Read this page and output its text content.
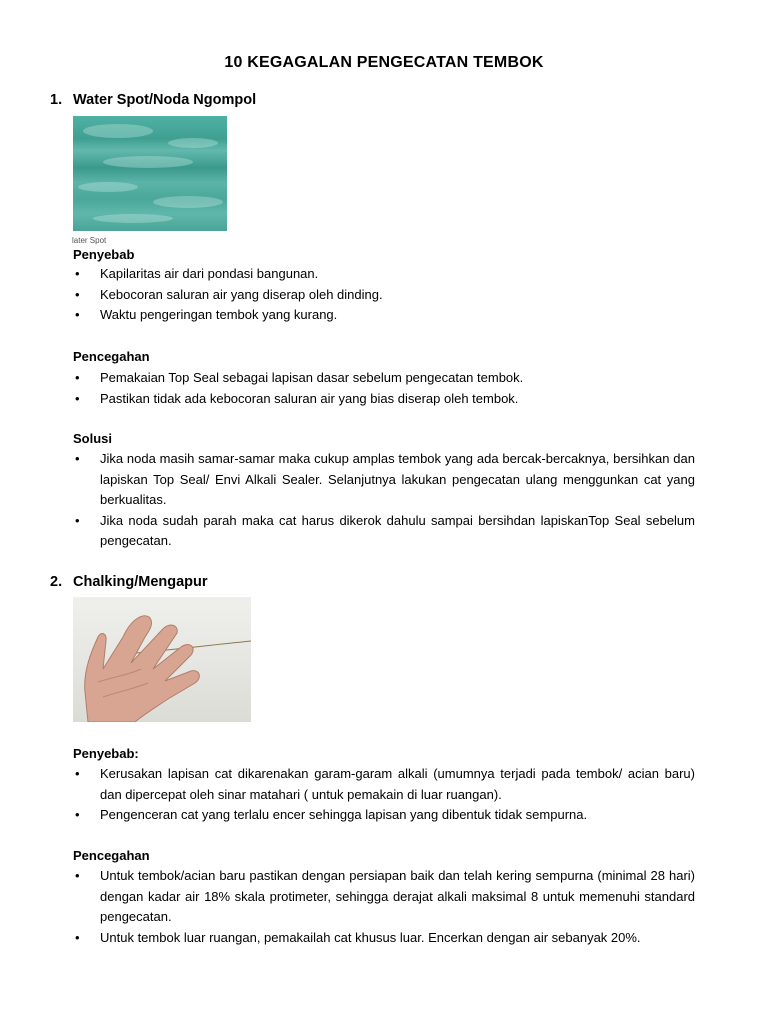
10 KEGAGALAN PENGECATAN TEMBOK
1. Water Spot/Noda Ngompol
later Spot
Penyebab
• Kapilaritas air dari pondasi bangunan.
• Kebocoran saluran air yang diserap oleh dinding.
• Waktu pengeringan tembok yang kurang.
Pencegahan
• Pemakaian Top Seal sebagai lapisan dasar sebelum pengecatan tembok.
• Pastikan tidak ada kebocoran saluran air yang bias diserap oleh tembok.
Solusi
• Jika noda masih samar-samar maka cukup amplas tembok yang ada bercak-bercaknya, bersihkan dan lapiskan Top Seal/ Envi Alkali Sealer. Selanjutnya lakukan pengecatan ulang menggunkan cat yang berkualitas.
• Jika noda sudah parah maka cat harus dikerok dahulu sampai bersihdan lapiskanTop Seal sebelum pengecatan.
2. Chalking/Mengapur
Penyebab:
• Kerusakan lapisan cat dikarenakan garam-garam alkali (umumnya terjadi pada tembok/ acian baru) dan dipercepat oleh sinar matahari ( untuk pemakain di luar ruangan).
• Pengenceran cat yang terlalu encer sehingga lapisan yang dibentuk tidak sempurna.
Pencegahan
• Untuk tembok/acian baru pastikan dengan persiapan baik dan telah kering sempurna (minimal 28 hari) dengan kadar air 18% skala protimeter, sehingga derajat alkali maksimal 8 untuk memenuhi standard pengecatan.
• Untuk tembok luar ruangan, pemakailah cat khusus luar. Encerkan dengan air sebanyak 20%.
